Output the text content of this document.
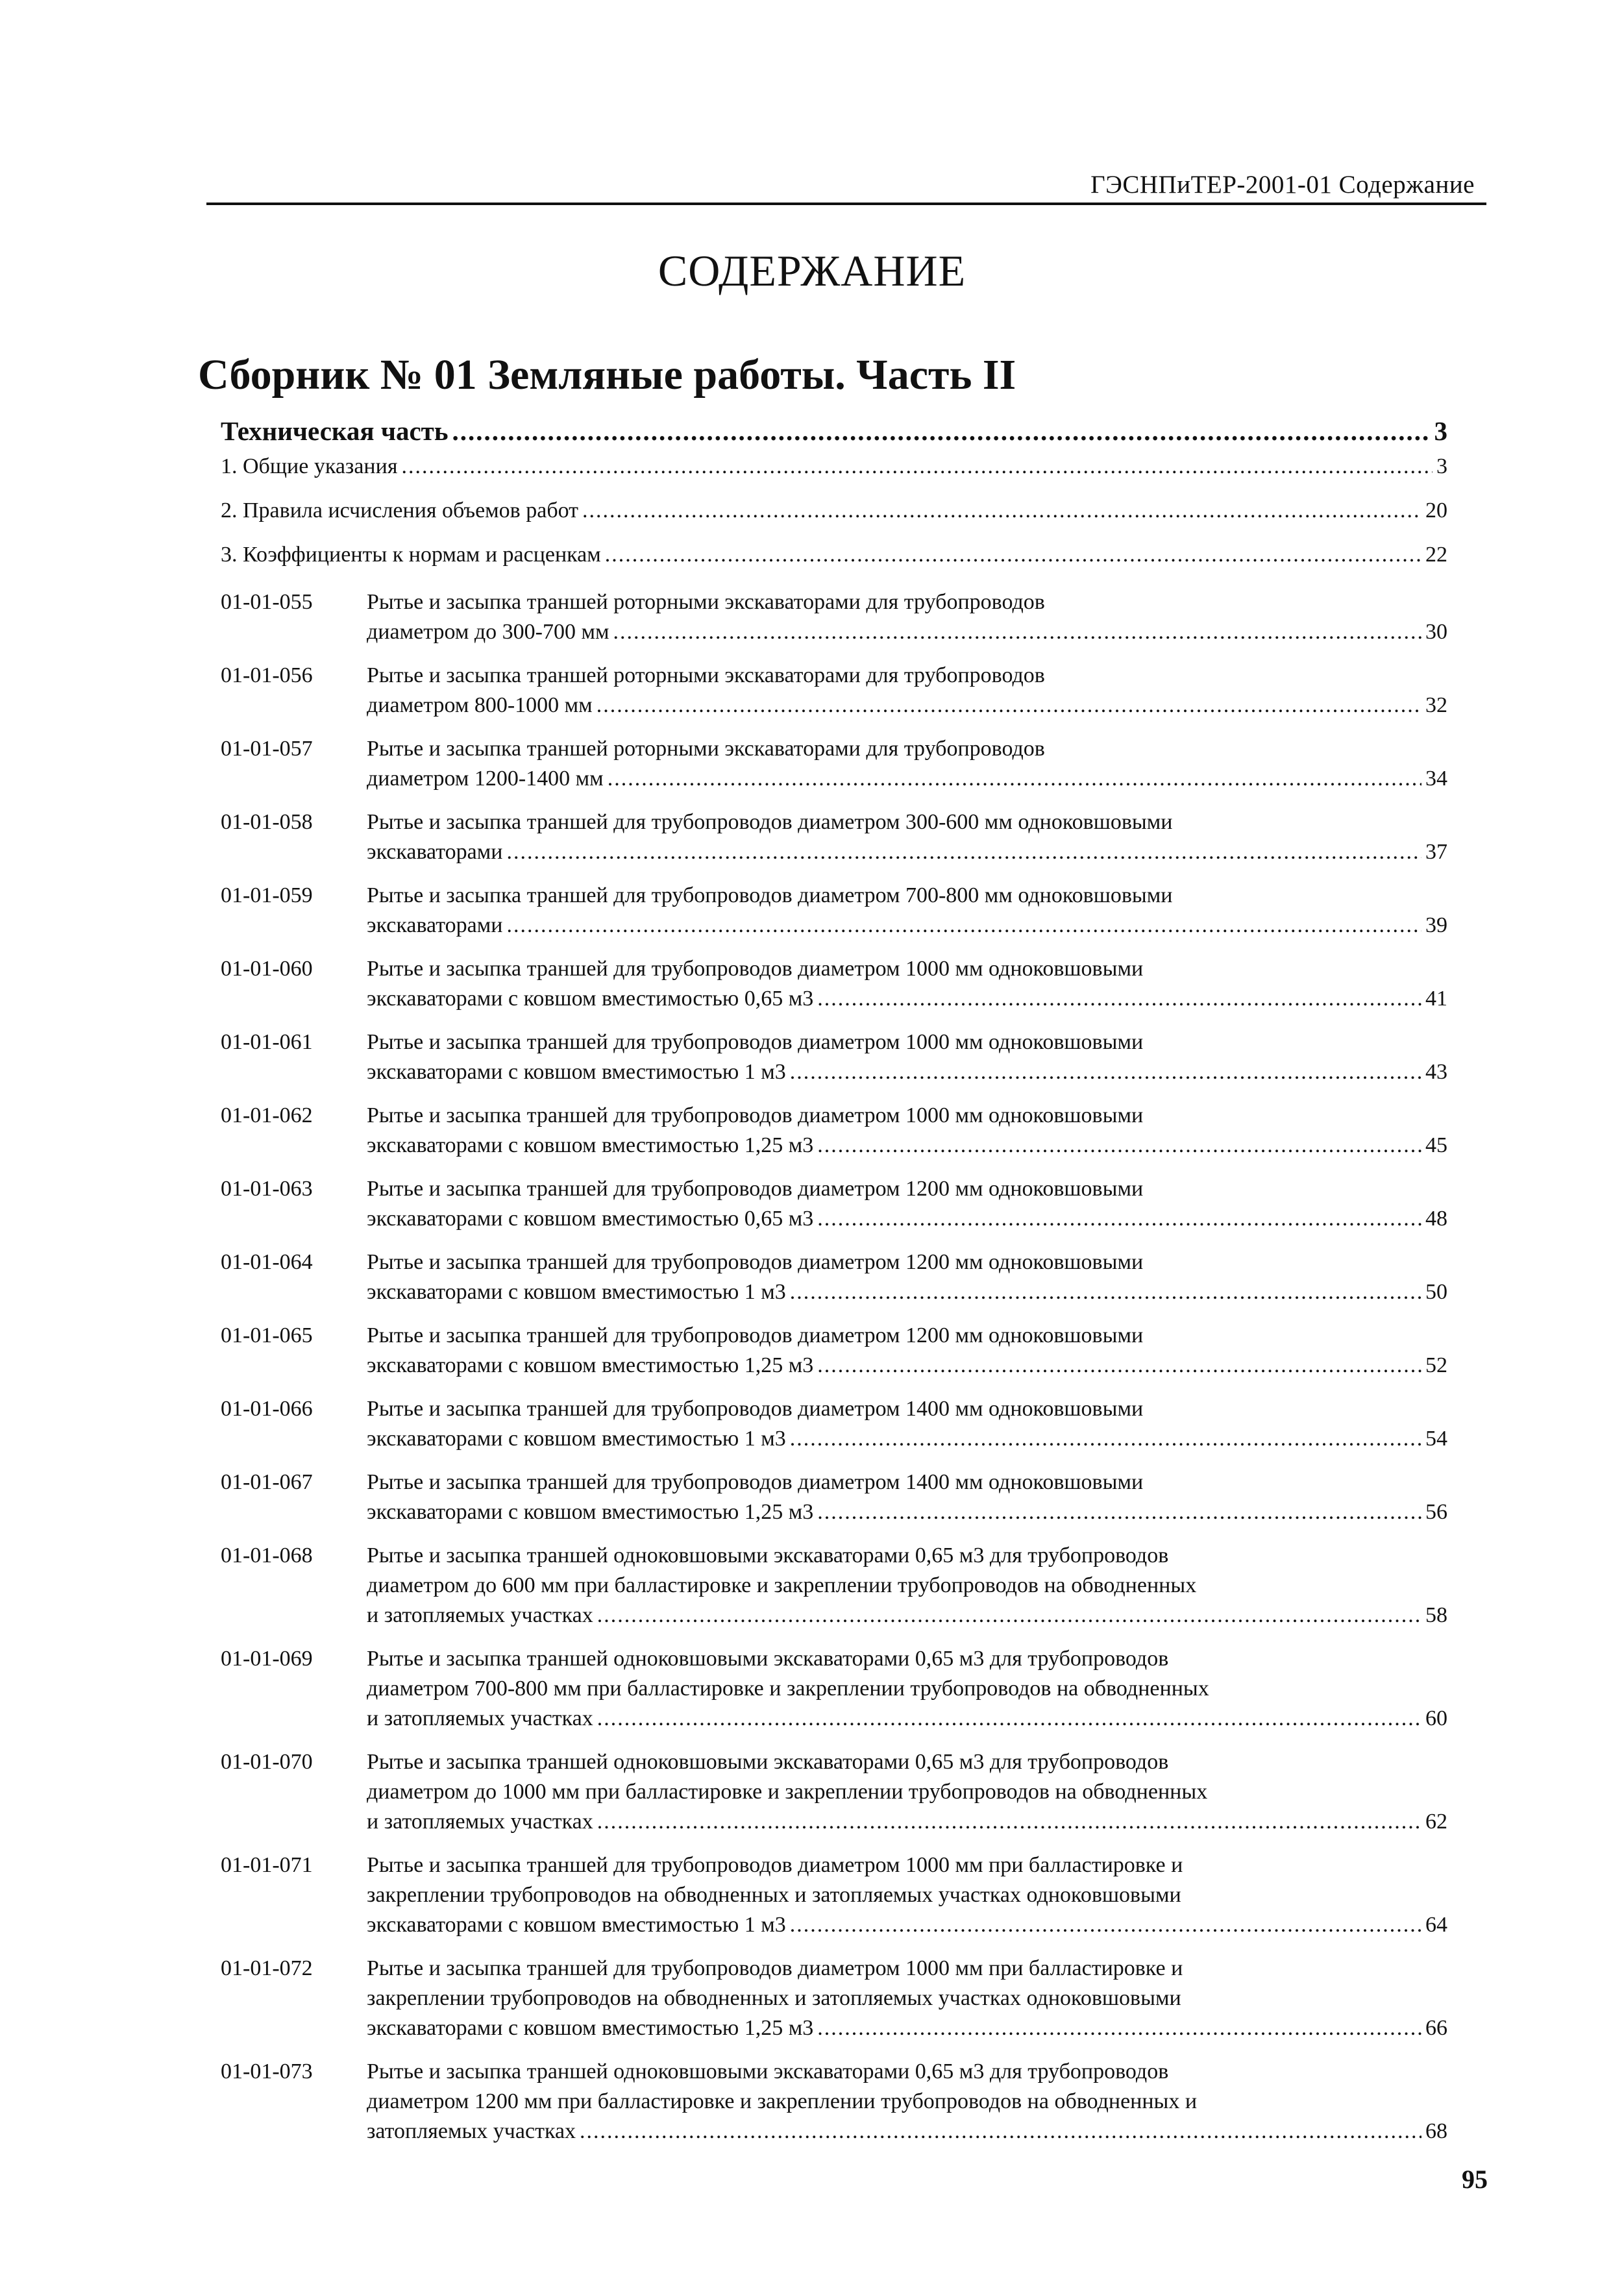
ГЭСНПиТЕР-2001-01 Содержание
СОДЕРЖАНИЕ
Сборник № 01 Земляные работы. Часть II
Техническая часть .....	3
1. Общие указания .....	3
2. Правила исчисления объемов работ .....	20
3. Коэффициенты к нормам и расценкам .....	22
01-01-055	Рытье и засыпка траншей роторными экскаваторами для трубопроводов
диаметром до 300-700 мм .....	30
01-01-056	Рытье и засыпка траншей роторными экскаваторами для трубопроводов
диаметром 800-1000 мм .....	32
01-01-057	Рытье и засыпка траншей роторными экскаваторами для трубопроводов
диаметром 1200-1400 мм .....	34
01-01-058	Рытье и засыпка траншей для трубопроводов диаметром 300-600 мм одноковшовыми
экскаваторами .....	37
01-01-059	Рытье и засыпка траншей для трубопроводов диаметром 700-800 мм одноковшовыми
экскаваторами .....	39
01-01-060	Рытье и засыпка траншей для трубопроводов диаметром 1000 мм одноковшовыми
экскаваторами с ковшом вместимостью 0,65 м3 .....	41
01-01-061	Рытье и засыпка траншей для трубопроводов диаметром 1000 мм одноковшовыми
экскаваторами с ковшом вместимостью 1 м3 .....	43
01-01-062	Рытье и засыпка траншей для трубопроводов диаметром 1000 мм одноковшовыми
экскаваторами с ковшом вместимостью 1,25 м3 .....	45
01-01-063	Рытье и засыпка траншей для трубопроводов диаметром 1200 мм одноковшовыми
экскаваторами с ковшом вместимостью 0,65 м3 .....	48
01-01-064	Рытье и засыпка траншей для трубопроводов диаметром 1200 мм одноковшовыми
экскаваторами с ковшом вместимостью 1 м3 .....	50
01-01-065	Рытье и засыпка траншей для трубопроводов диаметром 1200 мм одноковшовыми
экскаваторами с ковшом вместимостью 1,25 м3 .....	52
01-01-066	Рытье и засыпка траншей для трубопроводов диаметром 1400 мм одноковшовыми
экскаваторами с ковшом вместимостью 1 м3 .....	54
01-01-067	Рытье и засыпка траншей для трубопроводов диаметром 1400 мм одноковшовыми
экскаваторами с ковшом вместимостью 1,25 м3 .....	56
01-01-068	Рытье и засыпка траншей одноковшовыми экскаваторами 0,65 м3 для трубопроводов
диаметром до 600 мм при балластировке и закреплении трубопроводов на обводненных
и затопляемых участках .....	58
01-01-069	Рытье и засыпка траншей одноковшовыми экскаваторами 0,65 м3 для трубопроводов
диаметром 700-800 мм при балластировке и закреплении трубопроводов на обводненных
и затопляемых участках .....	60
01-01-070	Рытье и засыпка траншей одноковшовыми экскаваторами 0,65 м3 для трубопроводов
диаметром до 1000 мм при балластировке и закреплении трубопроводов на обводненных
и затопляемых участках .....	62
01-01-071	Рытье и засыпка траншей для трубопроводов диаметром 1000 мм при балластировке и
закреплении трубопроводов на обводненных и затопляемых участках одноковшовыми
экскаваторами с ковшом вместимостью 1 м3 .....	64
01-01-072	Рытье и засыпка траншей для трубопроводов диаметром 1000 мм при балластировке и
закреплении трубопроводов на обводненных и затопляемых участках одноковшовыми
экскаваторами с ковшом вместимостью 1,25 м3 .....	66
01-01-073	Рытье и засыпка траншей одноковшовыми экскаваторами 0,65 м3 для трубопроводов
диаметром 1200 мм при балластировке и закреплении трубопроводов на обводненных и
затопляемых участках .....	68
95
